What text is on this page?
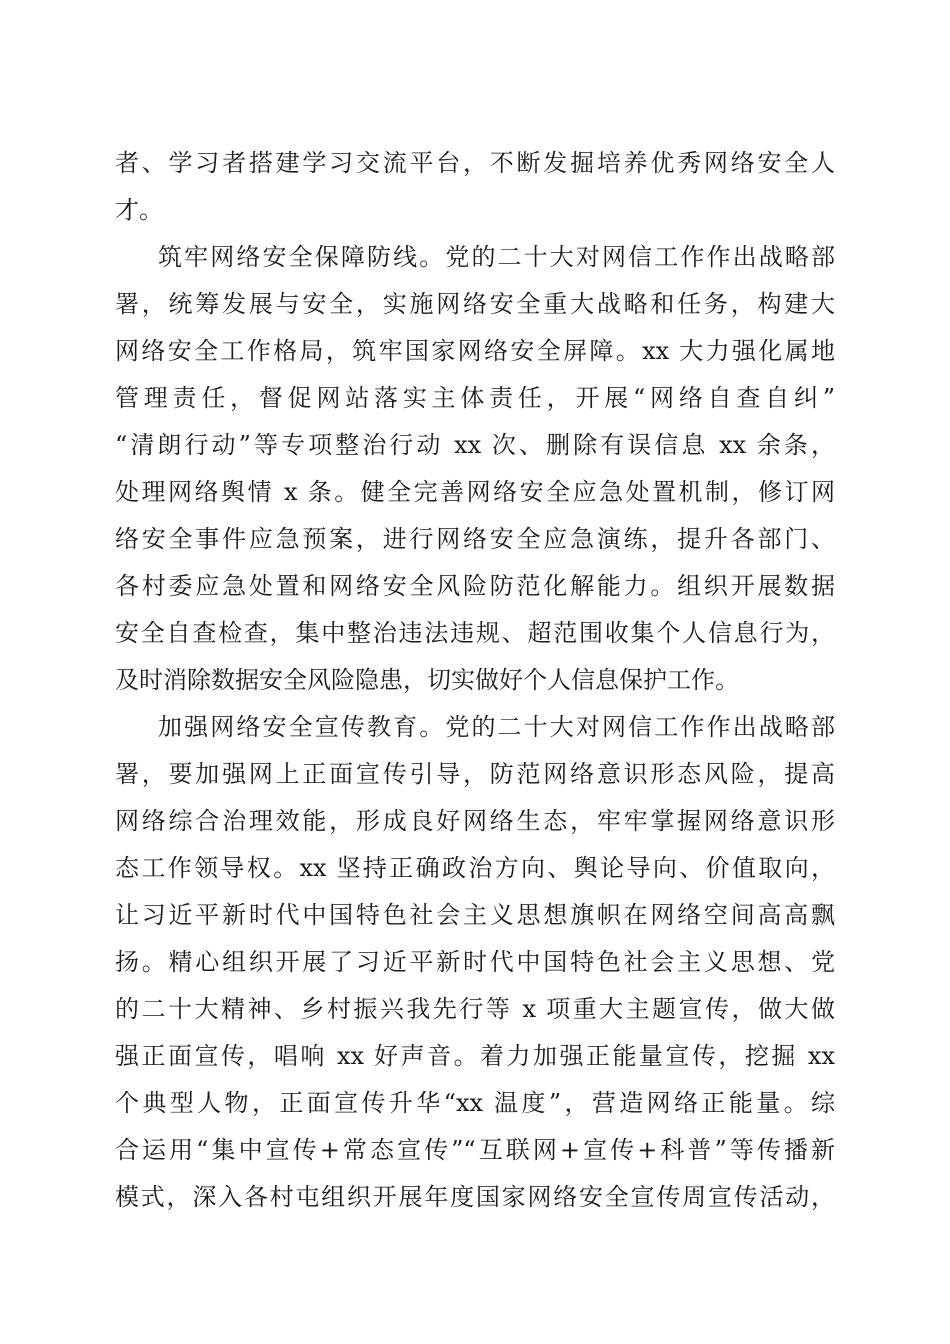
者、学习者搭建学习交流平台，不断发掘培养优秀网络安全人
才。
筑牢网络安全保障防线。党的二十大对网信工作作出战略部
署，统筹发展与安全，实施网络安全重大战略和任务，构建大
网络安全工作格局，筑牢国家网络安全屏障。xx 大力强化属地
管理责任，督促网站落实主体责任，开展“网络自查自纠”
“清朗行动”等专项整治行动 xx 次、删除有误信息 xx 余条，
处理网络舆情 x 条。健全完善网络安全应急处置机制，修订网
络安全事件应急预案，进行网络安全应急演练，提升各部门、
各村委应急处置和网络安全风险防范化解能力。组织开展数据
安全自查检查，集中整治违法违规、超范围收集个人信息行为，
及时消除数据安全风险隐患，切实做好个人信息保护工作。
加强网络安全宣传教育。党的二十大对网信工作作出战略部
署，要加强网上正面宣传引导，防范网络意识形态风险，提高
网络综合治理效能，形成良好网络生态，牢牢掌握网络意识形
态工作领导权。xx 坚持正确政治方向、舆论导向、价值取向，
让习近平新时代中国特色社会主义思想旗帜在网络空间高高飘
扬。精心组织开展了习近平新时代中国特色社会主义思想、党
的二十大精神、乡村振兴我先行等 x 项重大主题宣传，做大做
强正面宣传，唱响 xx 好声音。着力加强正能量宣传，挖掘 xx
个典型人物，正面宣传升华“xx 温度”，营造网络正能量。综
合运用“集中宣传+常态宣传”“互联网+宣传+科普”等传播新
模式，深入各村屯组织开展年度国家网络安全宣传周宣传活动，
